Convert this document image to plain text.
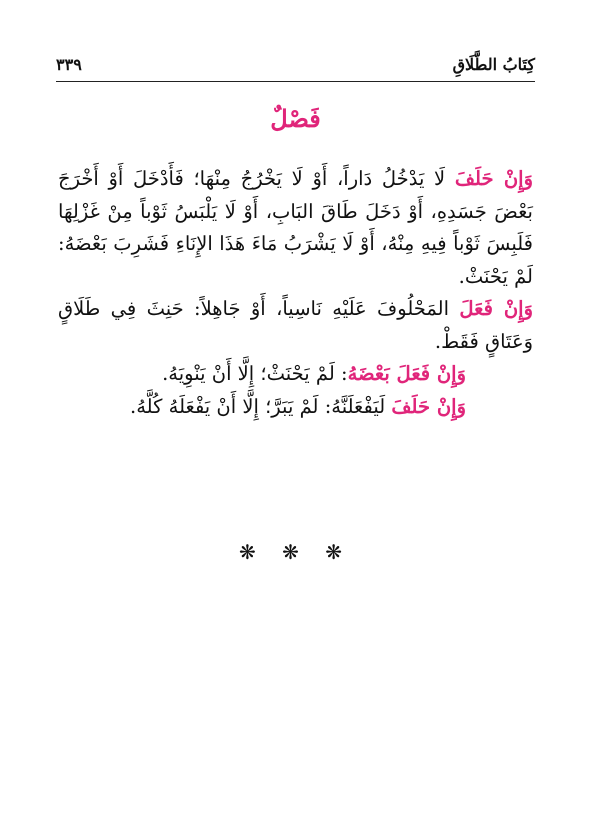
كِتَابُ الطَّلَاقِ
٣٣٩
فَصْلٌ

وَإِنْ حَلَفَ لَا يَدْخُلُ دَاراً، أَوْ لَا يَخْرُجُ مِنْهَا؛ فَأَدْخَلَ أَوْ أَخْرَجَ بَعْضَ جَسَدِهِ، أَوْ دَخَلَ طَاقَ البَابِ، أَوْ لَا يَلْبَسُ ثَوْباً مِنْ غَزْلِهَا فَلَبِسَ ثَوْباً فِيهِ مِنْهُ، أَوْ لَا يَشْرَبُ مَاءَ هَذَا الإِنَاءِ فَشَرِبَ بَعْضَهُ: لَمْ يَحْنَثْ.

وَإِنْ فَعَلَ المَحْلُوفَ عَلَيْهِ نَاسِياً، أَوْ جَاهِلاً: حَنِثَ فِي طَلَاقٍ وَعَتَاقٍ فَقَطْ.

وَإِنْ فَعَلَ بَعْضَهُ: لَمْ يَحْنَثْ؛ إِلَّا أَنْ يَنْوِيَهُ.

وَإِنْ حَلَفَ لَيَفْعَلَنَّهُ: لَمْ يَبَرَّ؛ إِلَّا أَنْ يَفْعَلَهُ كُلَّهُ.

❋ ❋ ❋
